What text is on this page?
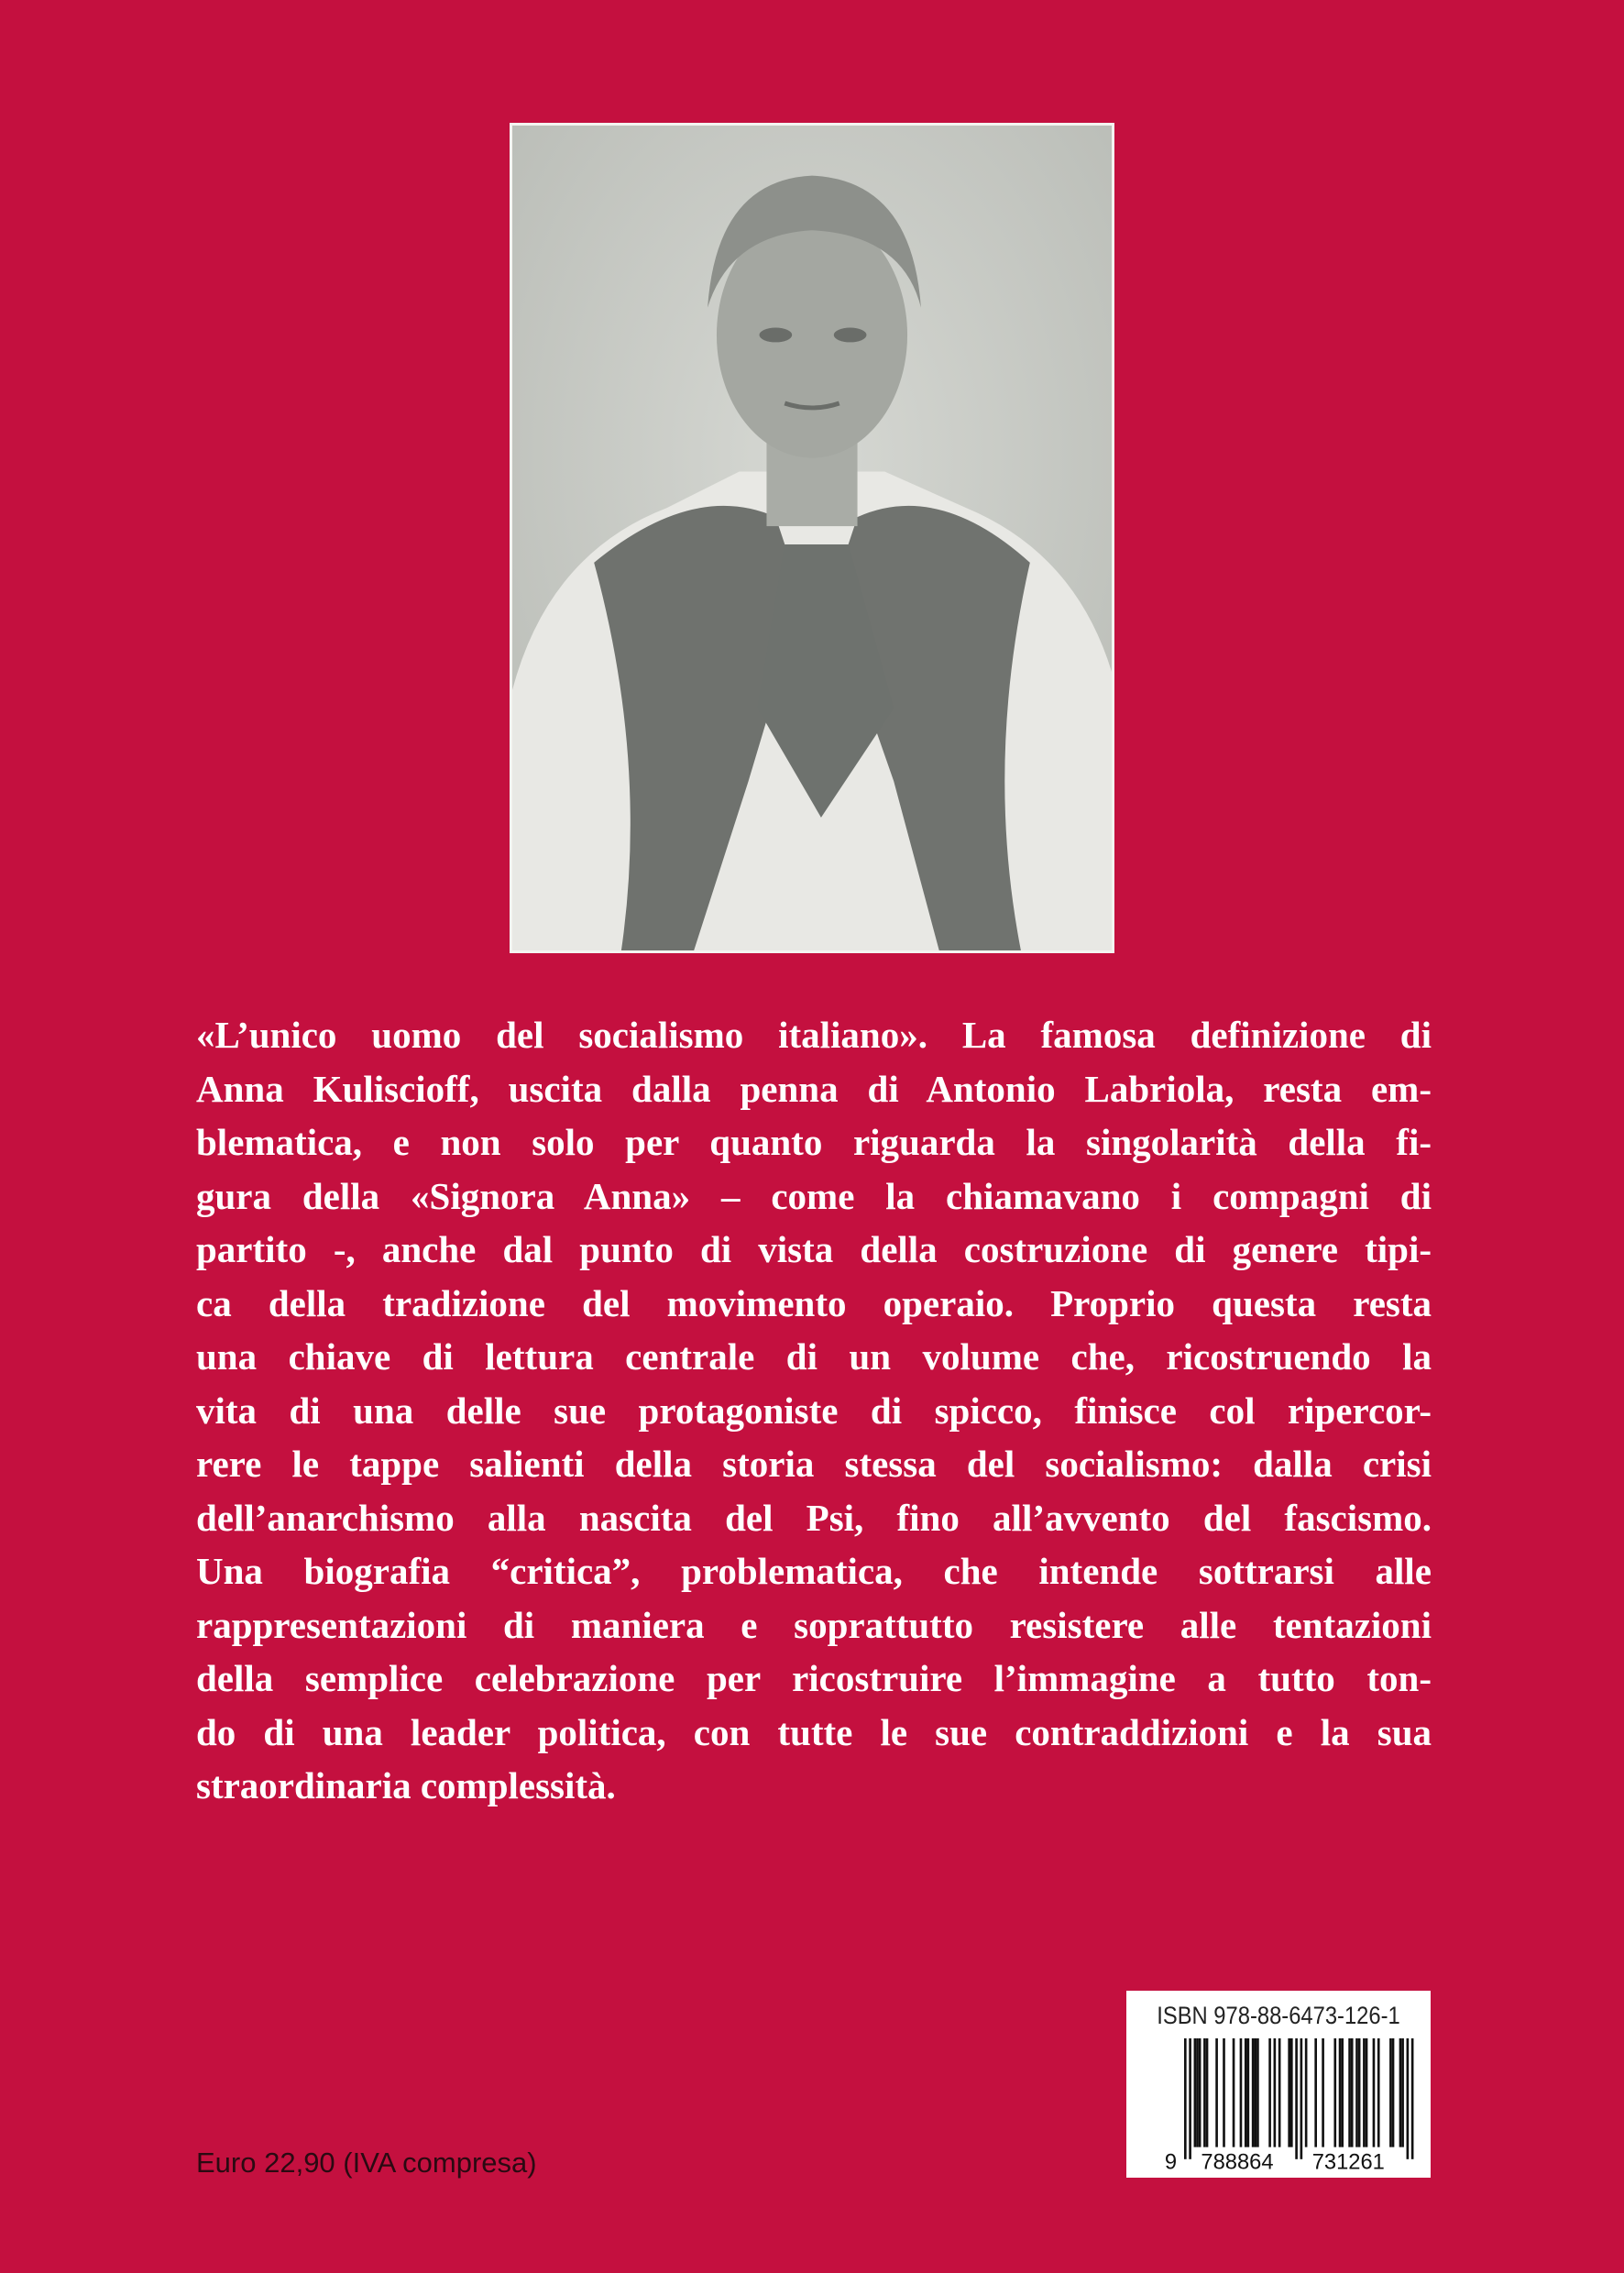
«L’unico uomo del socialismo italiano». La famosa definizione di
Anna Kuliscioff, uscita dalla penna di Antonio Labriola, resta em-
blematica, e non solo per quanto riguarda la singolarità della fi-
gura della «Signora Anna» – come la chiamavano i compagni di
partito -, anche dal punto di vista della costruzione di genere tipi-
ca della tradizione del movimento operaio. Proprio questa resta
una chiave di lettura centrale di un volume che, ricostruendo la
vita di una delle sue protagoniste di spicco, finisce col ripercor-
rere le tappe salienti della storia stessa del socialismo: dalla crisi
dell’anarchismo alla nascita del Psi, fino all’avvento del fascismo.
Una biografia “critica”, problematica, che intende sottrarsi alle
rappresentazioni di maniera e soprattutto resistere alle tentazioni
della semplice celebrazione per ricostruire l’immagine a tutto ton-
do di una leader politica, con tutte le sue contraddizioni e la sua
straordinaria complessità.
ISBN 978-88-6473-126-1
9	788864	731261
Euro 22,90 (IVA compresa)
